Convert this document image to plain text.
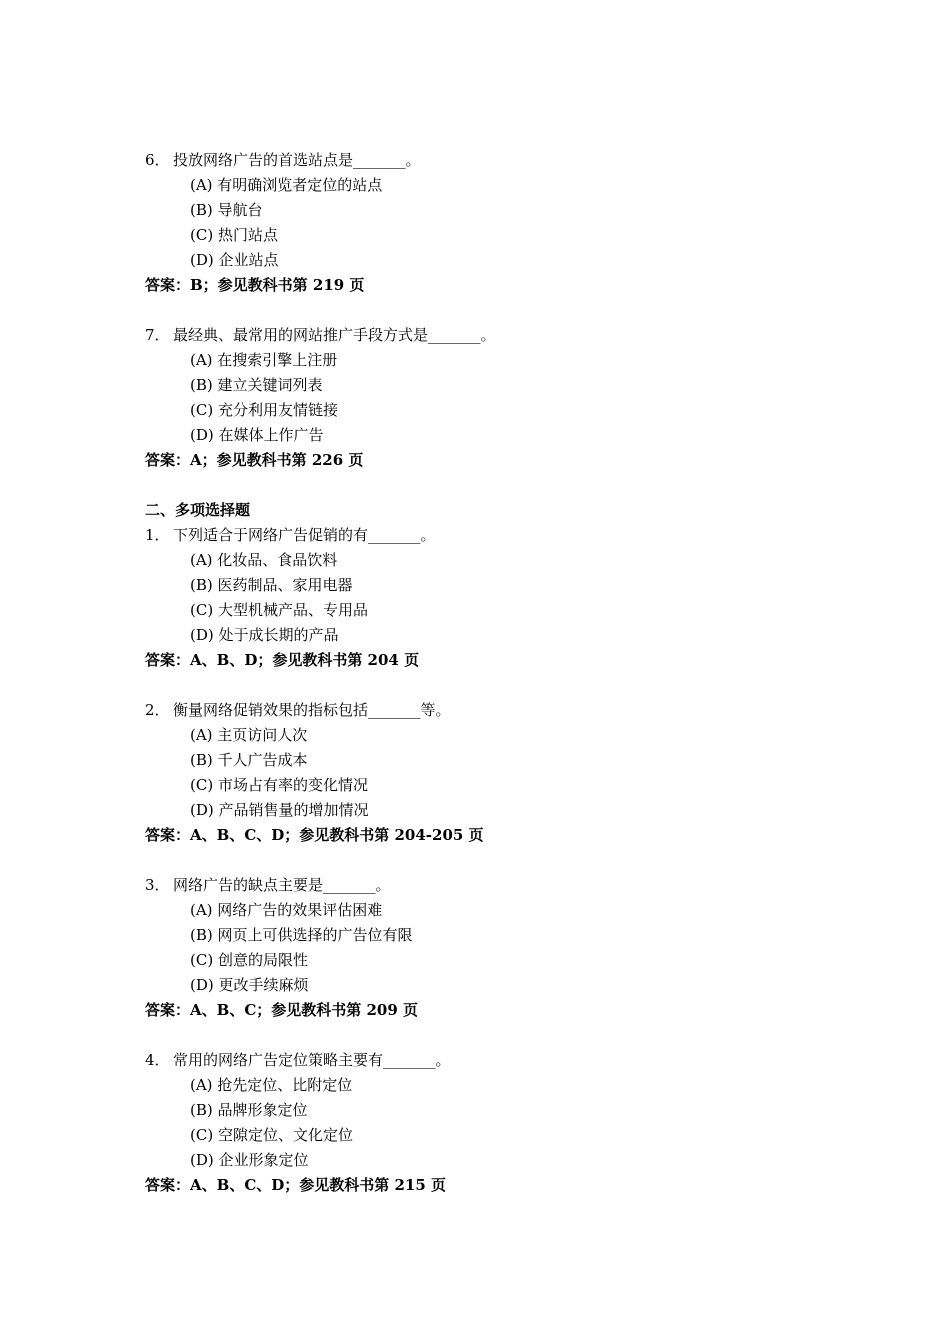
6． 投放网络广告的首选站点是_______。
(A) 有明确浏览者定位的站点
(B) 导航台
(C) 热门站点
(D) 企业站点
答案：B；参见教科书第 219 页
7． 最经典、最常用的网站推广手段方式是_______。
(A) 在搜索引擎上注册
(B) 建立关键词列表
(C) 充分利用友情链接
(D) 在媒体上作广告
答案：A；参见教科书第 226 页
二、多项选择题
1． 下列适合于网络广告促销的有_______。
(A) 化妆品、食品饮料
(B) 医药制品、家用电器
(C) 大型机械产品、专用品
(D) 处于成长期的产品
答案：A、B、D；参见教科书第 204 页
2． 衡量网络促销效果的指标包括_______等。
(A) 主页访问人次
(B) 千人广告成本
(C) 市场占有率的变化情况
(D) 产品销售量的增加情况
答案：A、B、C、D；参见教科书第 204-205 页
3． 网络广告的缺点主要是_______。
(A) 网络广告的效果评估困难
(B) 网页上可供选择的广告位有限
(C) 创意的局限性
(D) 更改手续麻烦
答案：A、B、C；参见教科书第 209 页
4． 常用的网络广告定位策略主要有_______。
(A) 抢先定位、比附定位
(B) 品牌形象定位
(C) 空隙定位、文化定位
(D) 企业形象定位
答案：A、B、C、D；参见教科书第 215 页
